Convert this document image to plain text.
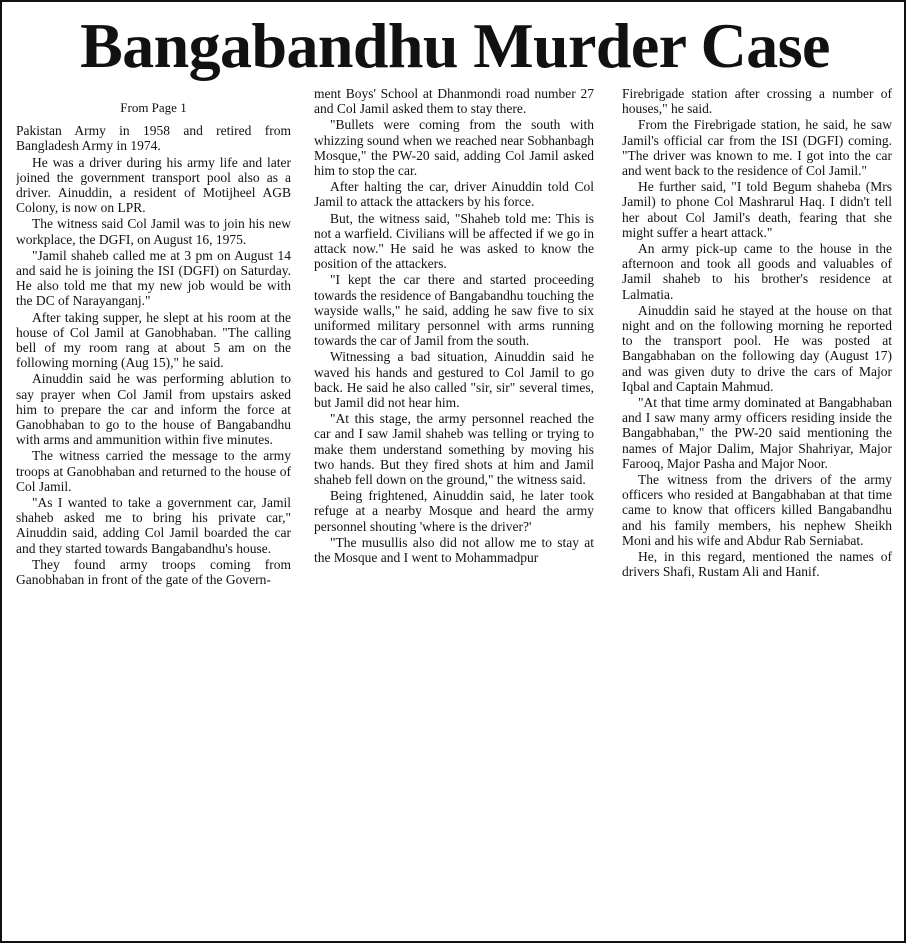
Bangabandhu Murder Case
From Page 1

Pakistan Army in 1958 and retired from Bangladesh Army in 1974.

He was a driver during his army life and later joined the government transport pool also as a driver. Ainuddin, a resident of Motijheel AGB Colony, is now on LPR.

The witness said Col Jamil was to join his new workplace, the DGFI, on August 16, 1975.

"Jamil shaheb called me at 3 pm on August 14 and said he is joining the ISI (DGFI) on Saturday. He also told me that my new job would be with the DC of Narayanganj."

After taking supper, he slept at his room at the house of Col Jamil at Ganobhaban. "The calling bell of my room rang at about 5 am on the following morning (Aug 15)," he said.

Ainuddin said he was performing ablution to say prayer when Col Jamil from upstairs asked him to prepare the car and inform the force at Ganobhaban to go to the house of Bangabandhu with arms and ammunition within five minutes.

The witness carried the message to the army troops at Ganobhaban and returned to the house of Col Jamil.

"As I wanted to take a government car, Jamil shaheb asked me to bring his private car," Ainuddin said, adding Col Jamil boarded the car and they started towards Bangabandhu's house.

They found army troops coming from Ganobhaban in front of the gate of the Govern-

ment Boys' School at Dhanmondi road number 27 and Col Jamil asked them to stay there.

"Bullets were coming from the south with whizzing sound when we reached near Sobhanbagh Mosque," the PW-20 said, adding Col Jamil asked him to stop the car.

After halting the car, driver Ainuddin told Col Jamil to attack the attackers by his force.

But, the witness said, "Shaheb told me: This is not a warfield. Civilians will be affected if we go in attack now." He said he was asked to know the position of the attackers.

"I kept the car there and started proceeding towards the residence of Bangabandhu touching the wayside walls," he said, adding he saw five to six uniformed military personnel with arms running towards the car of Jamil from the south.

Witnessing a bad situation, Ainuddin said he waved his hands and gestured to Col Jamil to go back. He said he also called "sir, sir" several times, but Jamil did not hear him.

"At this stage, the army personnel reached the car and I saw Jamil shaheb was telling or trying to make them understand something by moving his two hands. But they fired shots at him and Jamil shaheb fell down on the ground," the witness said.

Being frightened, Ainuddin said, he later took refuge at a nearby Mosque and heard the army personnel shouting 'where is the driver?'

"The musullis also did not allow me to stay at the Mosque and I went to Mohammadpur

Firebrigade station after crossing a number of houses," he said.

From the Firebrigade station, he said, he saw Jamil's official car from the ISI (DGFI) coming. "The driver was known to me. I got into the car and went back to the residence of Col Jamil."

He further said, "I told Begum shaheba (Mrs Jamil) to phone Col Mashrarul Haq. I didn't tell her about Col Jamil's death, fearing that she might suffer a heart attack."

An army pick-up came to the house in the afternoon and took all goods and valuables of Jamil shaheb to his brother's residence at Lalmatia.

Ainuddin said he stayed at the house on that night and on the following morning he reported to the transport pool. He was posted at Bangabhaban on the following day (August 17) and was given duty to drive the cars of Major Iqbal and Captain Mahmud.

"At that time army dominated at Bangabhaban and I saw many army officers residing inside the Bangabhaban," the PW-20 said mentioning the names of Major Dalim, Major Shahriyar, Major Farooq, Major Pasha and Major Noor.

The witness from the drivers of the army officers who resided at Bangabhaban at that time came to know that officers killed Bangabandhu and his family members, his nephew Sheikh Moni and his wife and Abdur Rab Serniabat.

He, in this regard, mentioned the names of drivers Shafi, Rustam Ali and Hanif.
